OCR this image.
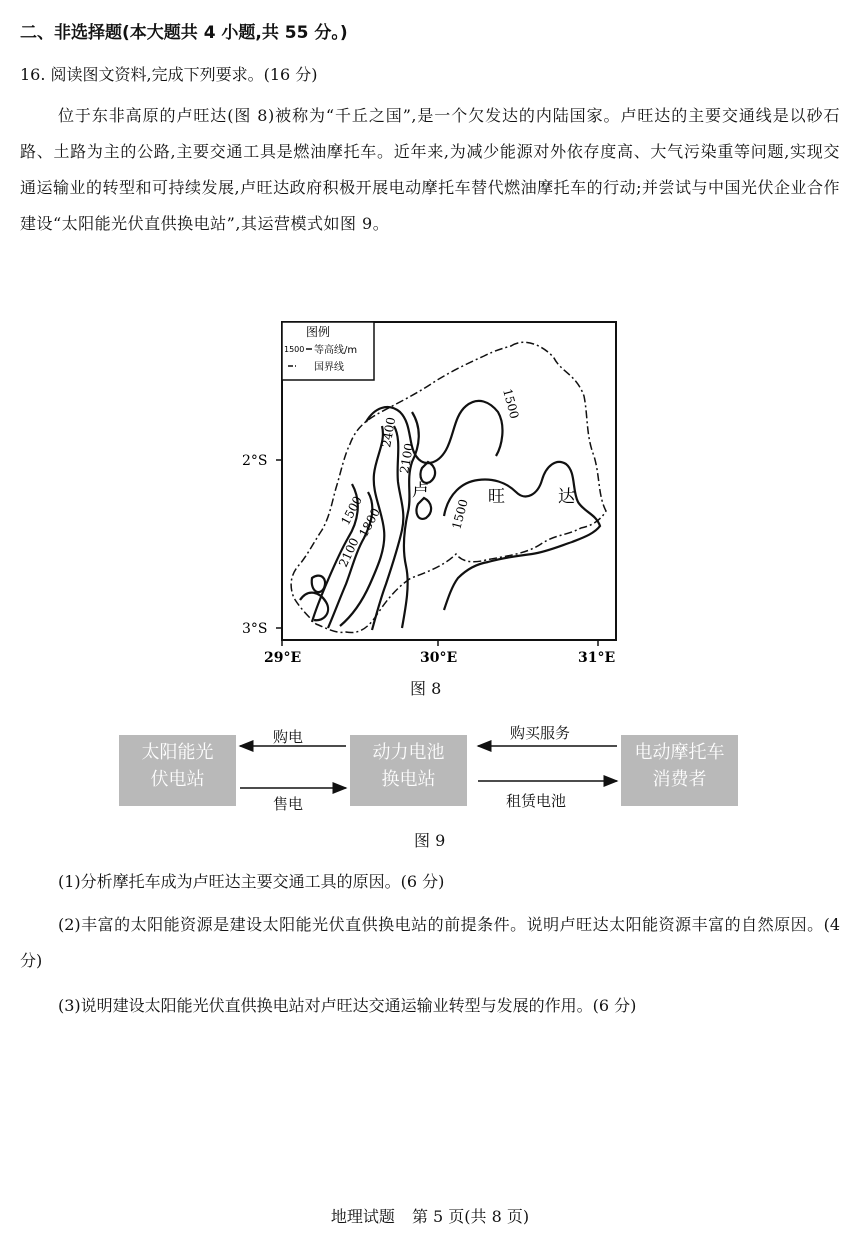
二、非选择题(本大题共 4 小题,共 55 分。)
16. 阅读图文资料,完成下列要求。(16 分)
位于东非高原的卢旺达(图 8)被称为“千丘之国”,是一个欠发达的内陆国家。卢旺达的主要交通线是以砂石路、土路为主的公路,主要交通工具是燃油摩托车。近年来,为减少能源对外依存度高、大气污染重等问题,实现交通运输业的转型和可持续发展,卢旺达政府积极开展电动摩托车替代燃油摩托车的行动;并尝试与中国光伏企业合作建设“太阳能光伏直供换电站”,其运营模式如图 9。
图例
1500 等高线/m
国界线
1500
2400
2100
1500
1800
2100
1500
卢	旺	达
2°S
3°S
29°E	30°E	31°E
图 8
太阳能光
伏电站
动力电池
换电站
电动摩托车
消费者
购电
售电
购买服务
租赁电池
图 9
(1)分析摩托车成为卢旺达主要交通工具的原因。(6 分)
(2)丰富的太阳能资源是建设太阳能光伏直供换电站的前提条件。说明卢旺达太阳能资源丰富的自然原因。(4 分)
(3)说明建设太阳能光伏直供换电站对卢旺达交通运输业转型与发展的作用。(6 分)
地理试题 第 5 页(共 8 页)
